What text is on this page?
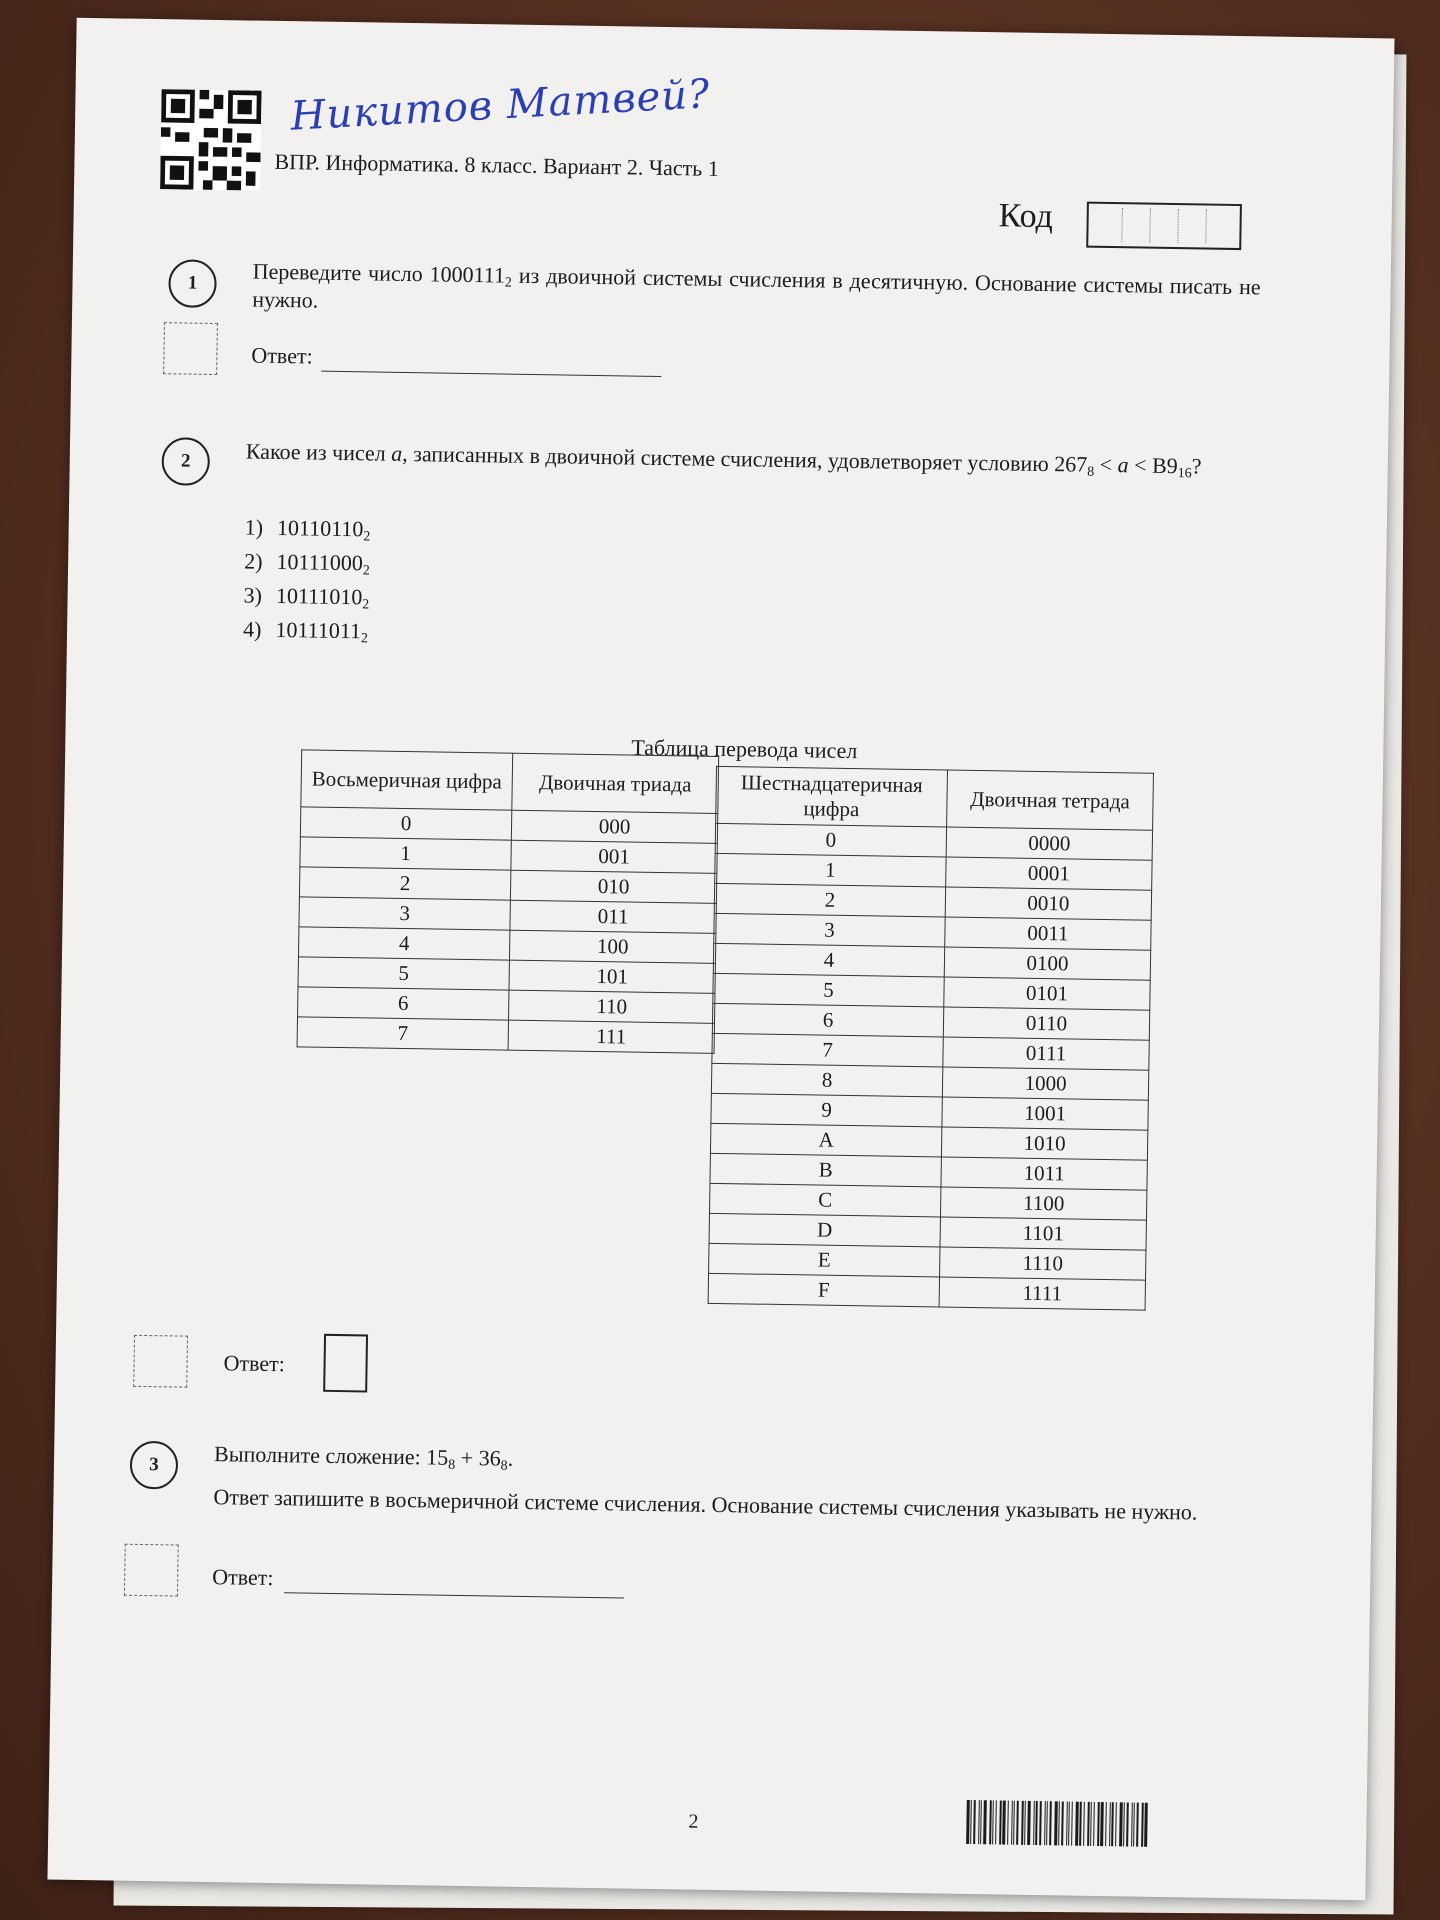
Никитов Матвей?
ВПР. Информатика. 8 класс. Вариант 2. Часть 1
Код
1	Переведите число $1000111_2$ из двоичной системы счисления в десятичную. Основание системы писать не нужно.
Ответ:
2	Какое из чисел a, записанных в двоичной системе счисления, удовлетворяет условию $267_8 < a < B9_{16}$?
1) $10110110_2$
2) $10111000_2$
3) $10111010_2$
4) $10111011_2$
Таблица перевода чисел
Восьмеричная цифра	Двоичная триада
0	000
1	001
2	010
3	011
4	100
5	101
6	110
7	111
Шестнадцатеричная цифра	Двоичная тетрада
0	0000
1	0001
2	0010
3	0011
4	0100
5	0101
6	0110
7	0111
8	1000
9	1001
A	1010
B	1011
C	1100
D	1101
E	1110
F	1111
Ответ:
3	Выполните сложение: $15_8 + 36_8$.
Ответ запишите в восьмеричной системе счисления. Основание системы счисления указывать не нужно.
Ответ:
2
